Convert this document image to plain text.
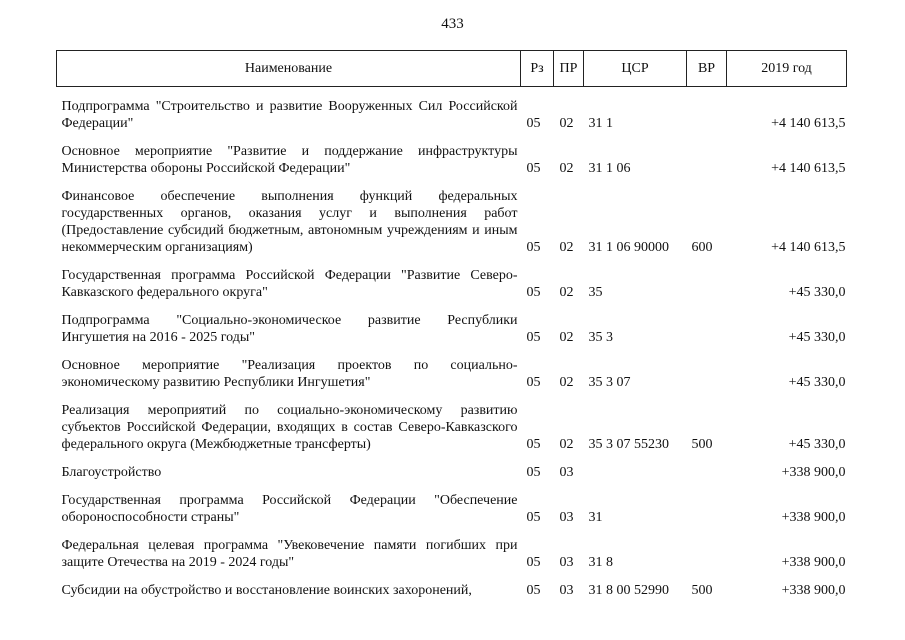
433
Наименование	Рз	ПР	ЦСР	ВР	2019 год
Подпрограмма "Строительство и развитие Вооруженных Сил Российской Федерации"	05	02	31 1		+4 140 613,5
Основное мероприятие "Развитие и поддержание инфраструктуры Министерства обороны Российской Федерации"	05	02	31 1 06		+4 140 613,5
Финансовое обеспечение выполнения функций федеральных государственных органов, оказания услуг и выполнения работ (Предоставление субсидий бюджетным, автономным учреждениям и иным некоммерческим организациям)	05	02	31 1 06 90000	600	+4 140 613,5
Государственная программа Российской Федерации "Развитие Северо-Кавказского федерального округа"	05	02	35		+45 330,0
Подпрограмма "Социально-экономическое развитие Республики Ингушетия на 2016 - 2025 годы"	05	02	35 3		+45 330,0
Основное мероприятие "Реализация проектов по социально-экономическому развитию Республики Ингушетия"	05	02	35 3 07		+45 330,0
Реализация мероприятий по социально-экономическому развитию субъектов Российской Федерации, входящих в состав Северо-Кавказского федерального округа (Межбюджетные трансферты)	05	02	35 3 07 55230	500	+45 330,0
Благоустройство	05	03			+338 900,0
Государственная программа Российской Федерации "Обеспечение обороноспособности страны"	05	03	31		+338 900,0
Федеральная целевая программа "Увековечение памяти погибших при защите Отечества на 2019 - 2024 годы"	05	03	31 8		+338 900,0
Субсидии на обустройство и восстановление воинских захоронений,	05	03	31 8 00 52990	500	+338 900,0
